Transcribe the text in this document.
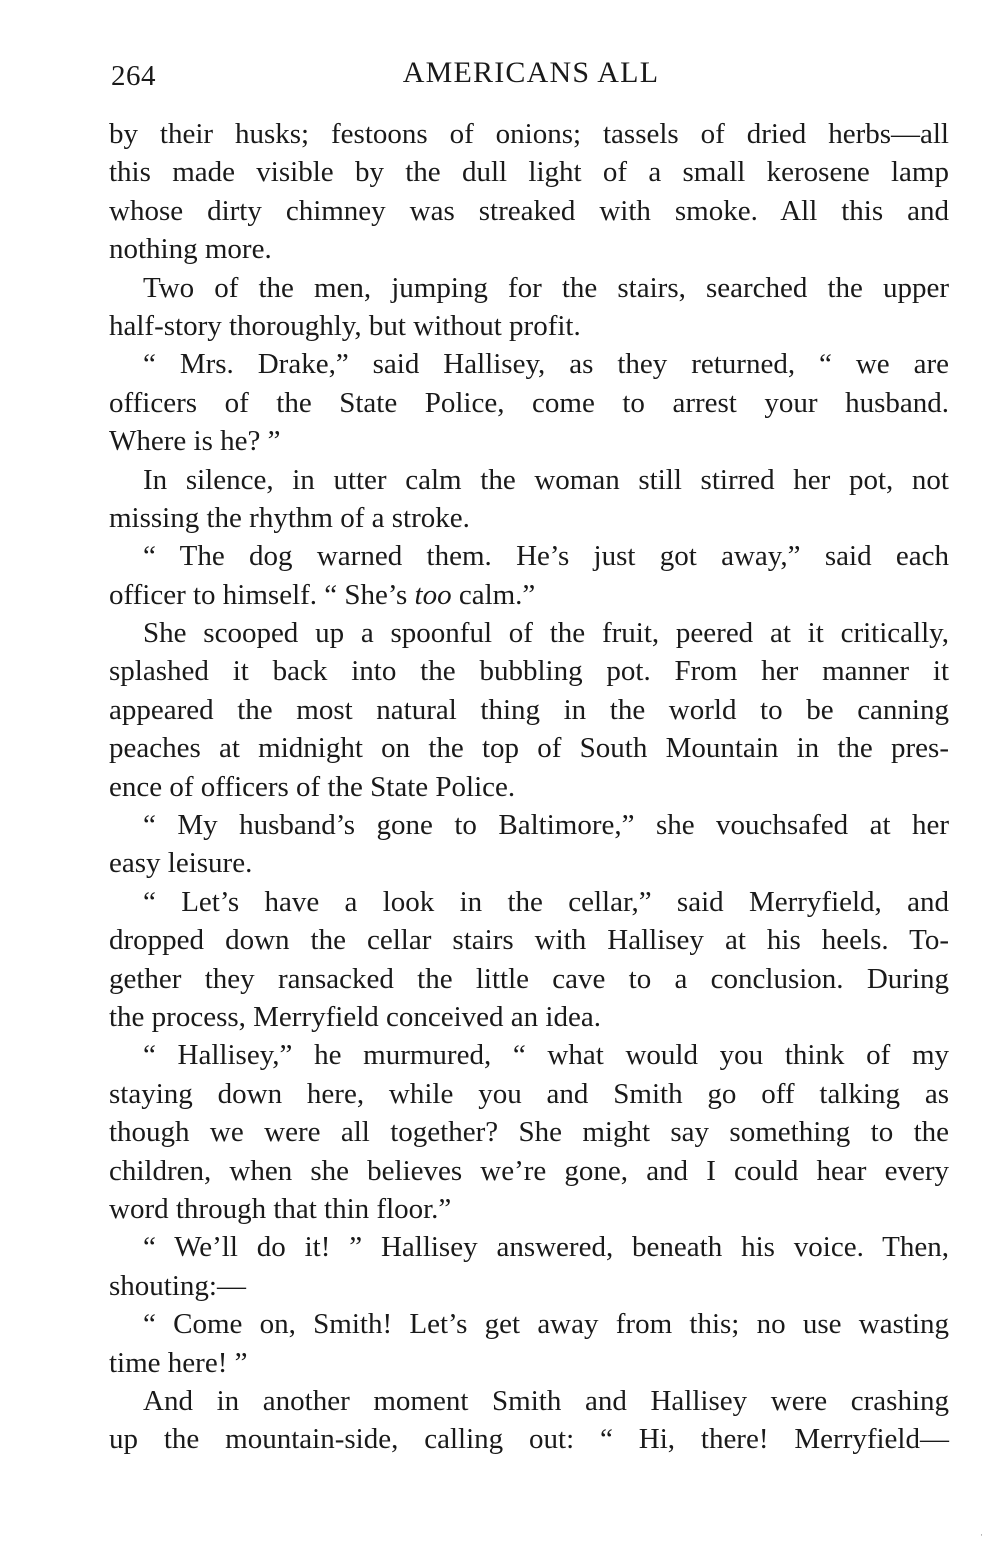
264	AMERICANS ALL
by their husks; festoons of onions; tassels of dried herbs—all
this made visible by the dull light of a small kerosene lamp
whose dirty chimney was streaked with smoke. All this and
nothing more.
Two of the men, jumping for the stairs, searched the upper
half-story thoroughly, but without profit.
“ Mrs. Drake,” said Hallisey, as they returned, “ we are
officers of the State Police, come to arrest your husband.
Where is he? ”
In silence, in utter calm the woman still stirred her pot, not
missing the rhythm of a stroke.
“ The dog warned them. He’s just got away,” said each
officer to himself. “ She’s too calm.”
She scooped up a spoonful of the fruit, peered at it critically,
splashed it back into the bubbling pot. From her manner it
appeared the most natural thing in the world to be canning
peaches at midnight on the top of South Mountain in the pres-
ence of officers of the State Police.
“ My husband’s gone to Baltimore,” she vouchsafed at her
easy leisure.
“ Let’s have a look in the cellar,” said Merryfield, and
dropped down the cellar stairs with Hallisey at his heels. To-
gether they ransacked the little cave to a conclusion. During
the process, Merryfield conceived an idea.
“ Hallisey,” he murmured, “ what would you think of my
staying down here, while you and Smith go off talking as
though we were all together? She might say something to the
children, when she believes we’re gone, and I could hear every
word through that thin floor.”
“ We’ll do it! ” Hallisey answered, beneath his voice. Then,
shouting:—
“ Come on, Smith! Let’s get away from this; no use wasting
time here! ”
And in another moment Smith and Hallisey were crashing
up the mountain-side, calling out: “ Hi, there! Merryfield—
·
